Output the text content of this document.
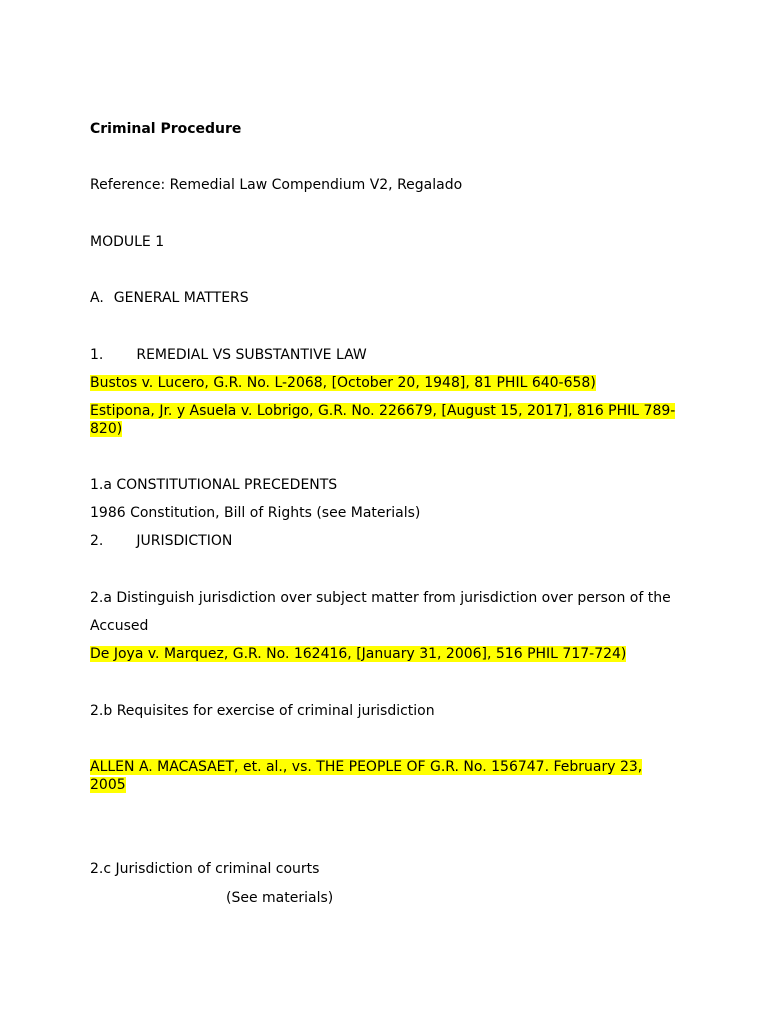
Criminal Procedure
Reference: Remedial Law Compendium V2, Regalado
MODULE 1
A. GENERAL MATTERS
1. REMEDIAL VS SUBSTANTIVE LAW
Bustos v. Lucero, G.R. No. L-2068, [October 20, 1948], 81 PHIL 640-658)
Estipona, Jr. y Asuela v. Lobrigo, G.R. No. 226679, [August 15, 2017], 816 PHIL 789-
820)
1.a CONSTITUTIONAL PRECEDENTS
1986 Constitution, Bill of Rights (see Materials)
2. JURISDICTION
2.a Distinguish jurisdiction over subject matter from jurisdiction over person of the
Accused
De Joya v. Marquez, G.R. No. 162416, [January 31, 2006], 516 PHIL 717-724)
2.b Requisites for exercise of criminal jurisdiction
ALLEN A. MACASAET, et. al., vs. THE PEOPLE OF G.R. No. 156747. February 23,
2005
2.c Jurisdiction of criminal courts
(See materials)
